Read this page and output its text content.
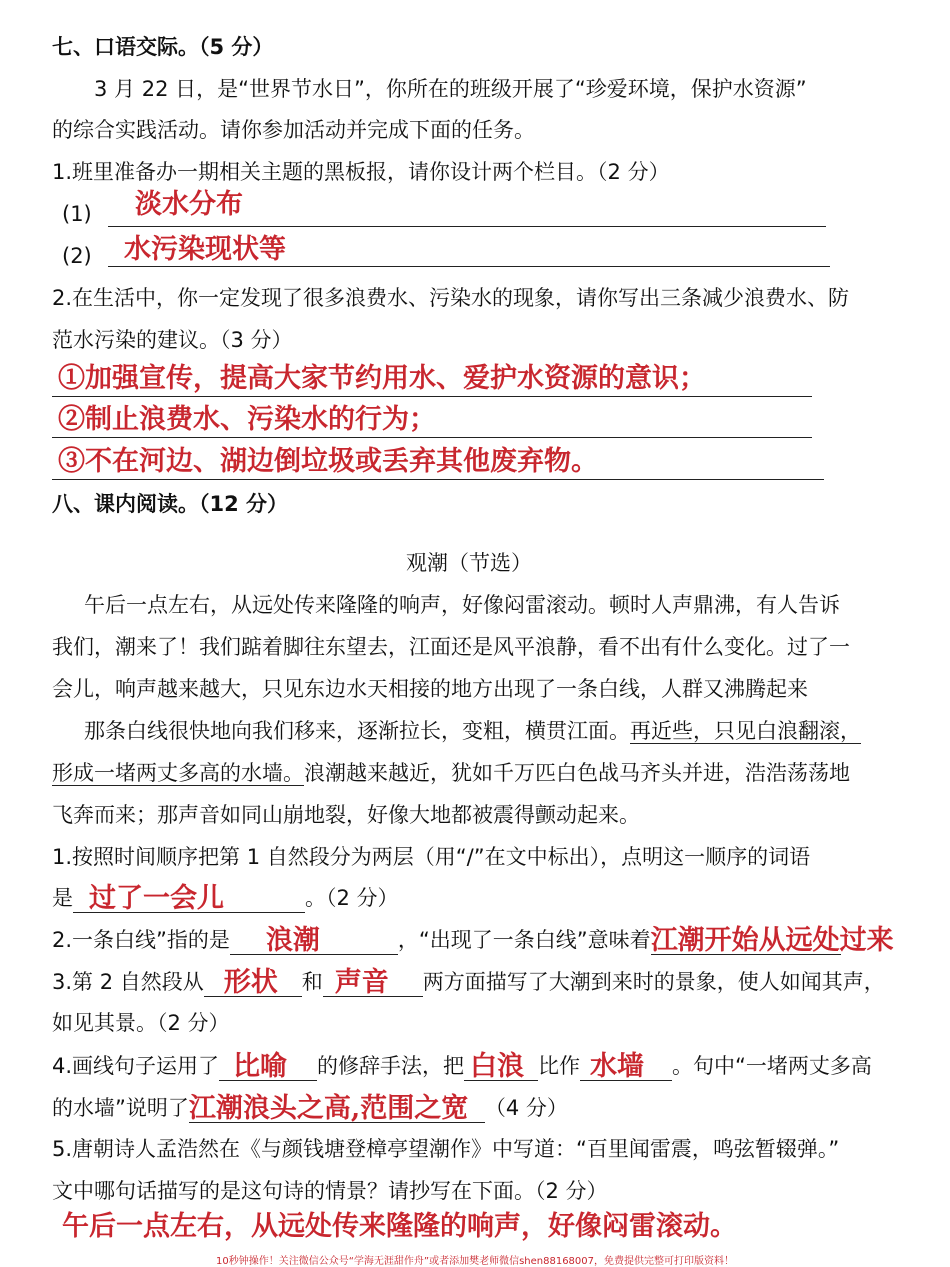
七、口语交际。（5 分）
3 月 22 日，是“世界节水日”，你所在的班级开展了“珍爱环境，保护水资源”
的综合实践活动。请你参加活动并完成下面的任务。
1.班里准备办一期相关主题的黑板报，请你设计两个栏目。（2 分）
(1) 淡水分布
(2) 水污染现状等
2.在生活中，你一定发现了很多浪费水、污染水的现象，请你写出三条减少浪费水、防
范水污染的建议。（3 分）
①加强宣传，提高大家节约用水、爱护水资源的意识；
②制止浪费水、污染水的行为；
③不在河边、湖边倒垃圾或丢弃其他废弃物。
八、课内阅读。（12 分）
观潮（节选）
午后一点左右，从远处传来隆隆的响声，好像闷雷滚动。顿时人声鼎沸，有人告诉
我们，潮来了！我们踮着脚往东望去，江面还是风平浪静，看不出有什么变化。过了一
会儿，响声越来越大，只见东边水天相接的地方出现了一条白线，人群又沸腾起来
那条白线很快地向我们移来，逐渐拉长，变粗，横贯江面。再近些，只见白浪翻滚，
形成一堵两丈多高的水墙。浪潮越来越近，犹如千万匹白色战马齐头并进，浩浩荡荡地
飞奔而来；那声音如同山崩地裂，好像大地都被震得颤动起来。
1.按照时间顺序把第 1 自然段分为两层（用“/”在文中标出），点明这一顺序的词语
是 过了一会儿	。（2 分）
2.一条白线”指的是 浪潮	，“出现了一条白线”意味着 江潮开始从远处过来
3.第 2 自然段从 形状 和 声音 两方面描写了大潮到来时的景象，使人如闻其声，
如见其景。（2 分）
4.画线句子运用了 比喻 的修辞手法，把 白浪 比作 水墙 。句中“一堵两丈多高
的水墙”说明了 江潮浪头之高,范围之宽 （4 分）
5.唐朝诗人孟浩然在《与颜钱塘登樟亭望潮作》中写道：“百里闻雷震，鸣弦暂辍弹。”
文中哪句话描写的是这句诗的情景？请抄写在下面。（2 分）
午后一点左右，从远处传来隆隆的响声，好像闷雷滚动。
10秒钟操作！关注微信公众号“学海无涯甜作舟”或者添加樊老师微信shen88168007，免费提供完整可打印版资料！
